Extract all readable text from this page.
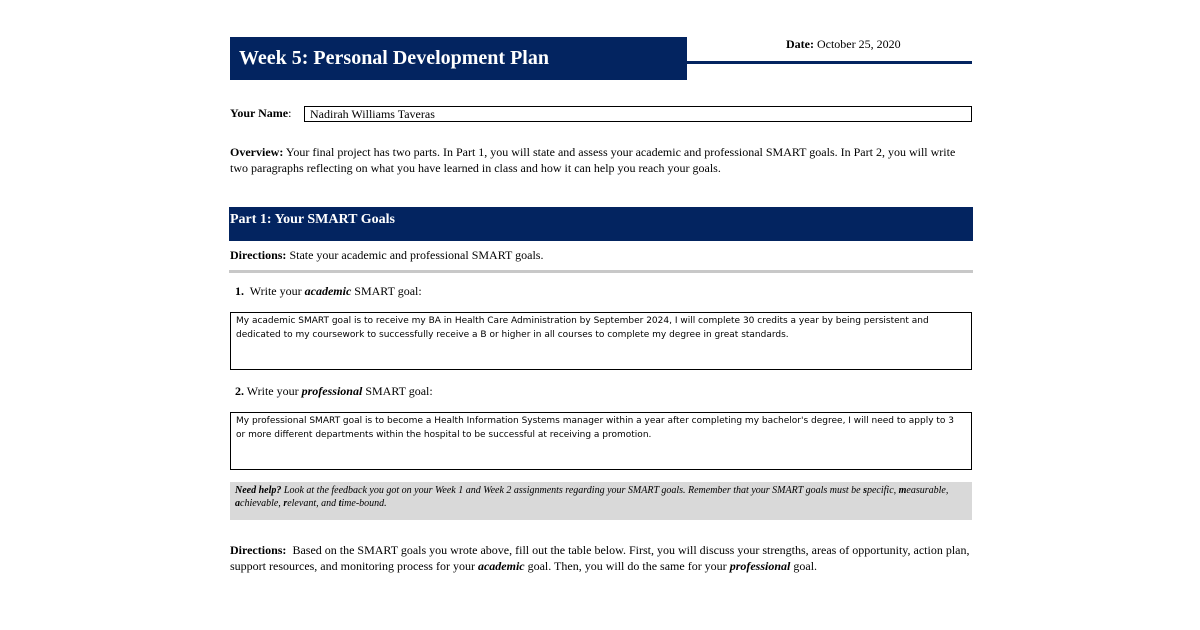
Week 5: Personal Development Plan
Date: October 25, 2020
Your Name:	Nadirah Williams Taveras
Overview: Your final project has two parts. In Part 1, you will state and assess your academic and professional SMART goals. In Part 2, you will write two paragraphs reflecting on what you have learned in class and how it can help you reach your goals.
Part 1: Your SMART Goals
Directions: State your academic and professional SMART goals.
1. Write your academic SMART goal:
My academic SMART goal is to receive my BA in Health Care Administration by September 2024, I will complete 30 credits a year by being persistent and dedicated to my coursework to successfully receive a B or higher in all courses to complete my degree in great standards.
2. Write your professional SMART goal:
My professional SMART goal is to become a Health Information Systems manager within a year after completing my bachelor's degree, I will need to apply to 3 or more different departments within the hospital to be successful at receiving a promotion.
Need help? Look at the feedback you got on your Week 1 and Week 2 assignments regarding your SMART goals. Remember that your SMART goals must be specific, measurable, achievable, relevant, and time-bound.
Directions: Based on the SMART goals you wrote above, fill out the table below. First, you will discuss your strengths, areas of opportunity, action plan, support resources, and monitoring process for your academic goal. Then, you will do the same for your professional goal.
